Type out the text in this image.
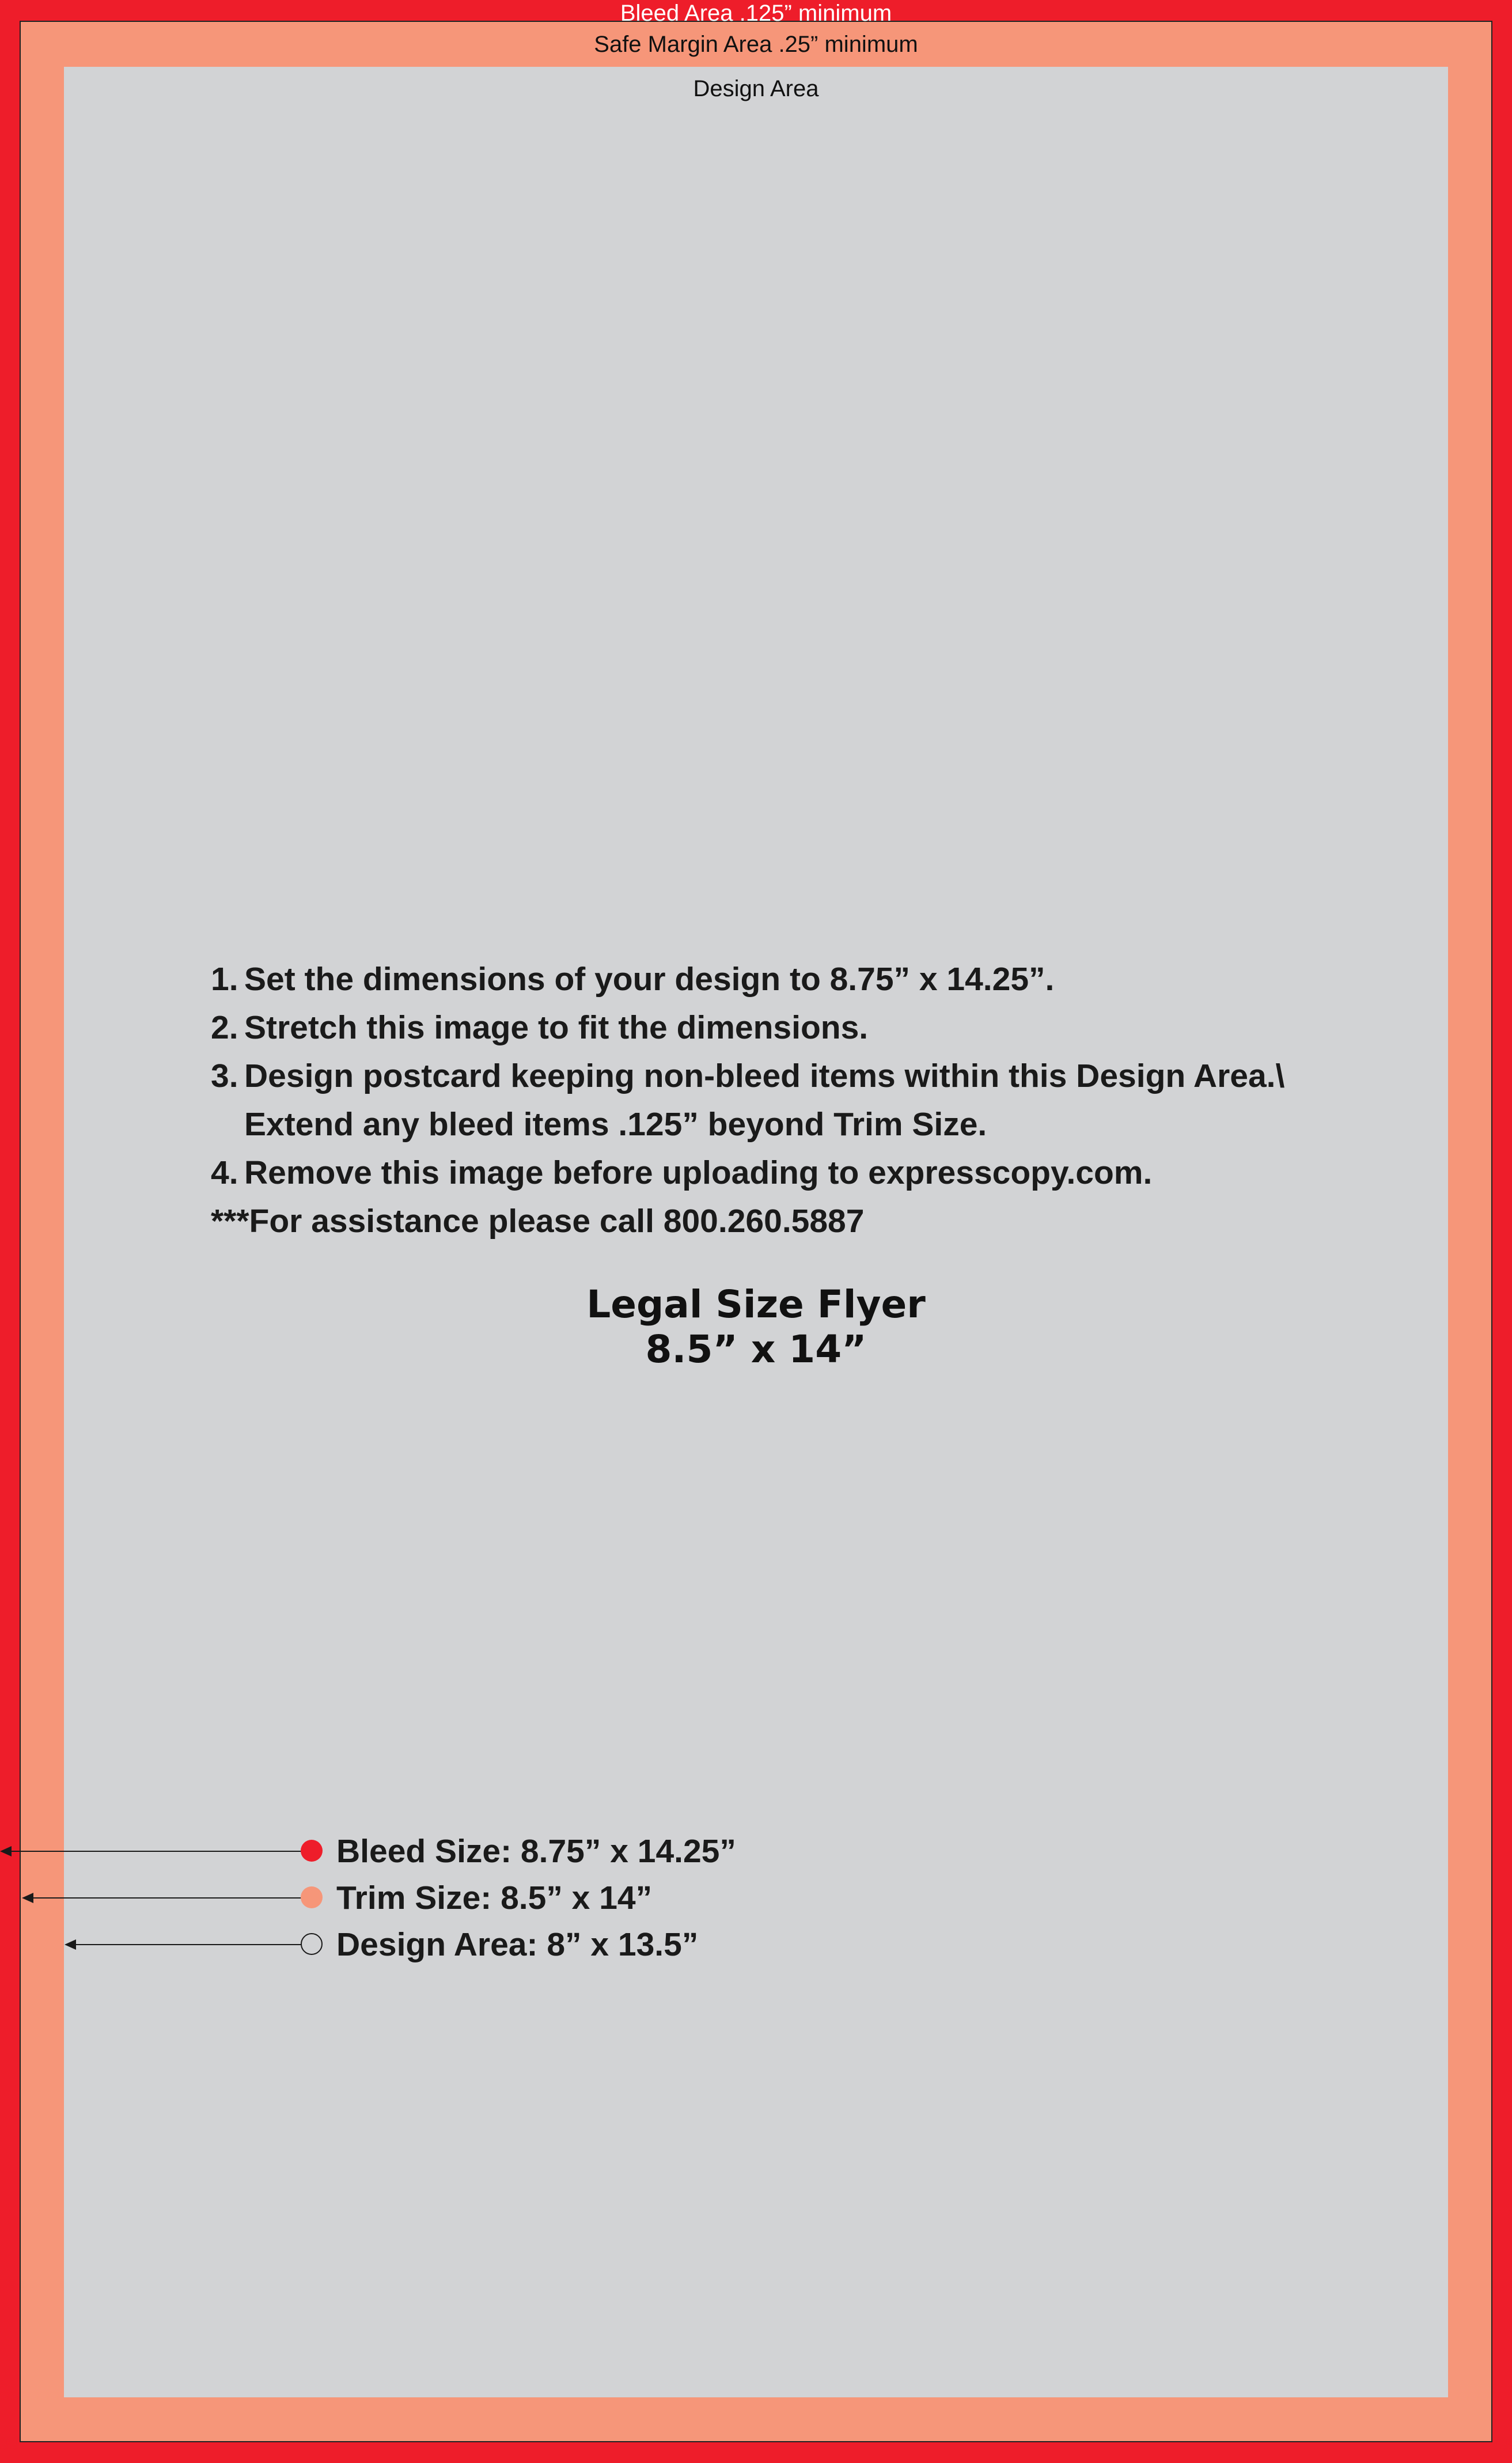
Bleed Area .125” minimum
Safe Margin Area .25” minimum
Design Area
1. Set the dimensions of your design to 8.75” x 14.25”.
2. Stretch this image to fit the dimensions.
3. Design postcard keeping non-bleed items within this Design Area.\
Extend any bleed items .125” beyond Trim Size.
4. Remove this image before uploading to expresscopy.com.
***For assistance please call 800.260.5887
Legal Size Flyer
8.5” x 14”
Bleed Size: 8.75” x 14.25”
Trim Size: 8.5” x 14”
Design Area: 8” x 13.5”
